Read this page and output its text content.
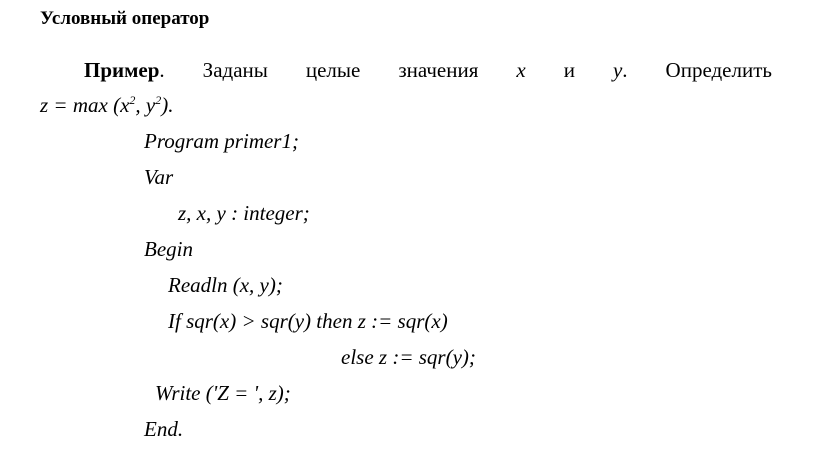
Условный оператор
Пример. Заданы целые значения x и y. Определить
$z = \max (x^2$, $y^2$).
Program primer1;
Var
z, x, y : integer;
Begin
Readln (x, y);
If sqr(x) > sqr(y) then z := sqr(x)
else z := sqr(y);
Write ('Z = ', z);
End.
